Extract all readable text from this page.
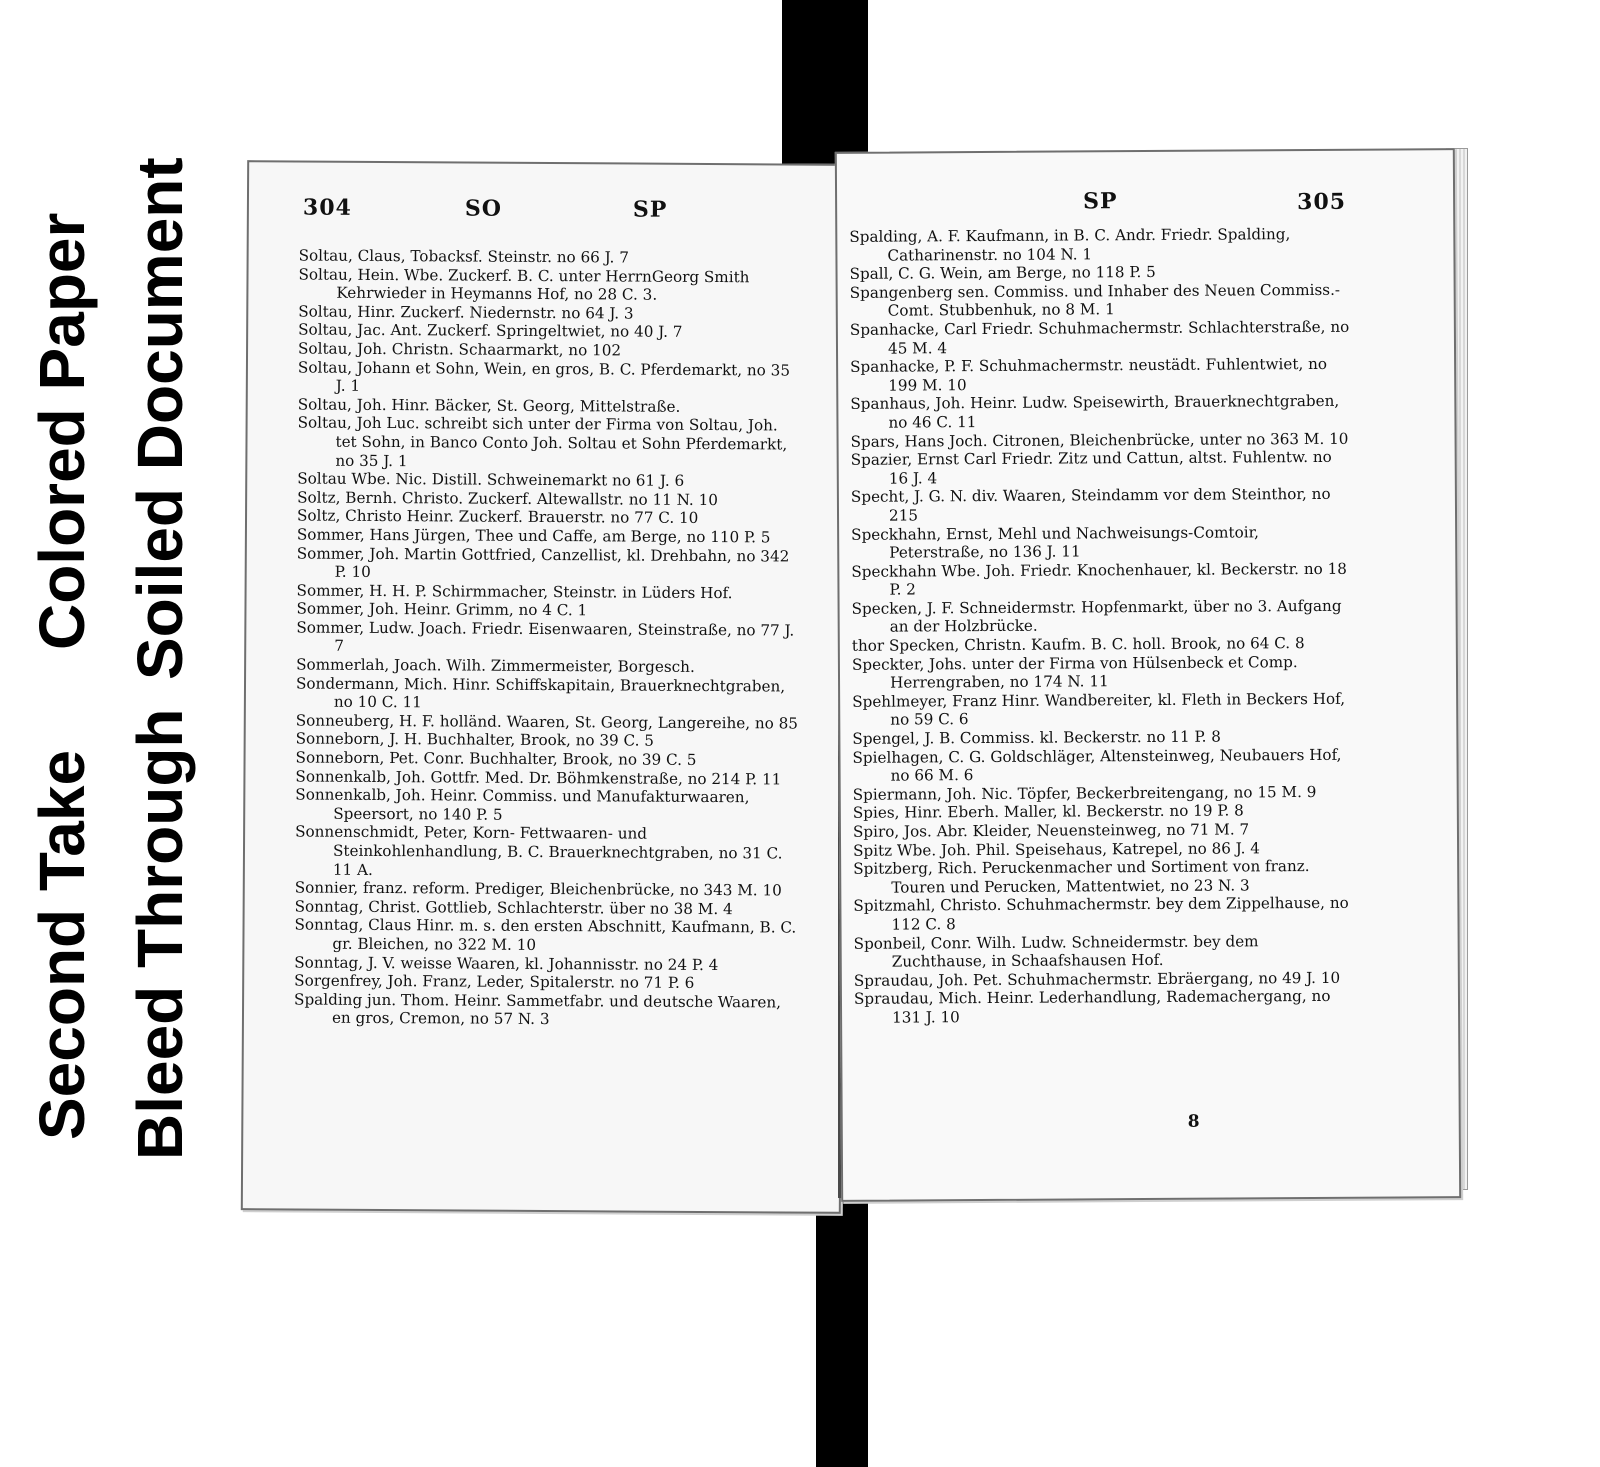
Colored Paper Soiled Document
Second Take Bleed Through
304	SO	SP

Soltau, Claus, Tobacksf. Steinstr. no 66 J. 7

Soltau, Hein. Wbe. Zuckerf. B. C. unter HerrnGeorg Smith Kehrwieder in Heymanns Hof, no 28 C. 3.

Soltau, Hinr. Zuckerf. Niedernstr. no 64 J. 3

Soltau, Jac. Ant. Zuckerf. Springeltwiet, no 40 J. 7

Soltau, Joh. Christn. Schaarmarkt, no 102

Soltau, Johann et Sohn, Wein, en gros, B. C. Pferdemarkt, no 35 J. 1

Soltau, Joh. Hinr. Bäcker, St. Georg, Mittelstraße.

Soltau, Joh Luc. schreibt sich unter der Firma von Soltau, Joh. tet Sohn, in Banco Conto Joh. Soltau et Sohn Pferdemarkt, no 35 J. 1

Soltau Wbe. Nic. Distill. Schweinemarkt no 61 J. 6

Soltz, Bernh. Christo. Zuckerf. Altewallstr. no 11 N. 10

Soltz, Christo Heinr. Zuckerf. Brauerstr. no 77 C. 10

Sommer, Hans Jürgen, Thee und Caffe, am Berge, no 110 P. 5

Sommer, Joh. Martin Gottfried, Canzellist, kl. Drehbahn, no 342 P. 10

Sommer, H. H. P. Schirmmacher, Steinstr. in Lüders Hof.

Sommer, Joh. Heinr. Grimm, no 4 C. 1

Sommer, Ludw. Joach. Friedr. Eisenwaaren, Steinstraße, no 77 J. 7

Sommerlah, Joach. Wilh. Zimmermeister, Borgesch.

Sondermann, Mich. Hinr. Schiffskapitain, Brauerknechtgraben, no 10 C. 11

Sonneuberg, H. F. holländ. Waaren, St. Georg, Langereihe, no 85

Sonneborn, J. H. Buchhalter, Brook, no 39 C. 5

Sonneborn, Pet. Conr. Buchhalter, Brook, no 39 C. 5

Sonnenkalb, Joh. Gottfr. Med. Dr. Böhmkenstraße, no 214 P. 11

Sonnenkalb, Joh. Heinr. Commiss. und Manufakturwaaren, Speersort, no 140 P. 5

Sonnenschmidt, Peter, Korn- Fettwaaren- und Steinkohlenhandlung, B. C. Brauerknechtgraben, no 31 C. 11 A.

Sonnier, franz. reform. Prediger, Bleichenbrücke, no 343 M. 10

Sonntag, Christ. Gottlieb, Schlachterstr. über no 38 M. 4

Sonntag, Claus Hinr. m. s. den ersten Abschnitt, Kaufmann, B. C. gr. Bleichen, no 322 M. 10

Sonntag, J. V. weisse Waaren, kl. Johannisstr. no 24 P. 4

Sorgenfrey, Joh. Franz, Leder, Spitalerstr. no 71 P. 6

Spalding jun. Thom. Heinr. Sammetfabr. und deutsche Waaren, en gros, Cremon, no 57 N. 3

SP	305

Spalding, A. F. Kaufmann, in B. C. Andr. Friedr. Spalding, Catharinenstr. no 104 N. 1

Spall, C. G. Wein, am Berge, no 118 P. 5

Spangenberg sen. Commiss. und Inhaber des Neuen Commiss.-Comt. Stubbenhuk, no 8 M. 1

Spanhacke, Carl Friedr. Schuhmachermstr. Schlachterstraße, no 45 M. 4

Spanhacke, P. F. Schuhmachermstr. neustädt. Fuhlentwiet, no 199 M. 10

Spanhaus, Joh. Heinr. Ludw. Speisewirth, Brauerknechtgraben, no 46 C. 11

Spars, Hans Joch. Citronen, Bleichenbrücke, unter no 363 M. 10

Spazier, Ernst Carl Friedr. Zitz und Cattun, altst. Fuhlentw. no 16 J. 4

Specht, J. G. N. div. Waaren, Steindamm vor dem Steinthor, no 215

Speckhahn, Ernst, Mehl und Nachweisungs-Comtoir, Peterstraße, no 136 J. 11

Speckhahn Wbe. Joh. Friedr. Knochenhauer, kl. Beckerstr. no 18 P. 2

Specken, J. F. Schneidermstr. Hopfenmarkt, über no 3. Aufgang an der Holzbrücke.

thor Specken, Christn. Kaufm. B. C. holl. Brook, no 64 C. 8

Speckter, Johs. unter der Firma von Hülsenbeck et Comp. Herrengraben, no 174 N. 11

Spehlmeyer, Franz Hinr. Wandbereiter, kl. Fleth in Beckers Hof, no 59 C. 6

Spengel, J. B. Commiss. kl. Beckerstr. no 11 P. 8

Spielhagen, C. G. Goldschläger, Altensteinweg, Neubauers Hof, no 66 M. 6

Spiermann, Joh. Nic. Töpfer, Beckerbreitengang, no 15 M. 9

Spies, Hinr. Eberh. Maller, kl. Beckerstr. no 19 P. 8

Spiro, Jos. Abr. Kleider, Neuensteinweg, no 71 M. 7

Spitz Wbe. Joh. Phil. Speisehaus, Katrepel, no 86 J. 4

Spitzberg, Rich. Peruckenmacher und Sortiment von franz. Touren und Perucken, Mattentwiet, no 23 N. 3

Spitzmahl, Christo. Schuhmachermstr. bey dem Zippelhause, no 112 C. 8

Sponbeil, Conr. Wilh. Ludw. Schneidermstr. bey dem Zuchthause, in Schaafshausen Hof.

Spraudau, Joh. Pet. Schuhmachermstr. Ebräergang, no 49 J. 10

Spraudau, Mich. Heinr. Lederhandlung, Rademachergang, no 131 J. 10

8
